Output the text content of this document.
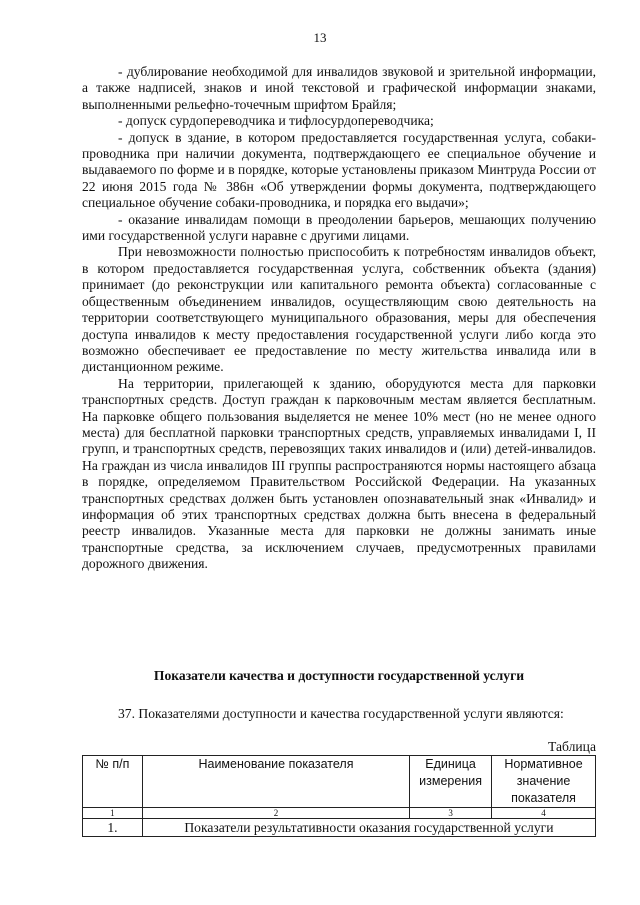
13

- дублирование необходимой для инвалидов звуковой и зрительной информации, а также надписей, знаков и иной текстовой и графической информации знаками, выполненными рельефно-точечным шрифтом Брайля;

- допуск сурдопереводчика и тифлосурдопереводчика;

- допуск в здание, в котором предоставляется государственная услуга, собаки-проводника при наличии документа, подтверждающего ее специальное обучение и выдаваемого по форме и в порядке, которые установлены приказом Минтруда России от 22 июня 2015 года № 386н «Об утверждении формы документа, подтверждающего специальное обучение собаки-проводника, и порядка его выдачи»;

- оказание инвалидам помощи в преодолении барьеров, мешающих получению ими государственной услуги наравне с другими лицами.

При невозможности полностью приспособить к потребностям инвалидов объект, в котором предоставляется государственная услуга, собственник объекта (здания) принимает (до реконструкции или капитального ремонта объекта) согласованные с общественным объединением инвалидов, осуществляющим свою деятельность на территории соответствующего муниципального образования, меры для обеспечения доступа инвалидов к месту предоставления государственной услуги либо когда это возможно обеспечивает ее предоставление по месту жительства инвалида или в дистанционном режиме.

На территории, прилегающей к зданию, оборудуются места для парковки транспортных средств. Доступ граждан к парковочным местам является бесплатным. На парковке общего пользования выделяется не менее 10% мест (но не менее одного места) для бесплатной парковки транспортных средств, управляемых инвалидами I, II групп, и транспортных средств, перевозящих таких инвалидов и (или) детей-инвалидов. На граждан из числа инвалидов III группы распространяются нормы настоящего абзаца в порядке, определяемом Правительством Российской Федерации. На указанных транспортных средствах должен быть установлен опознавательный знак «Инвалид» и информация об этих транспортных средствах должна быть внесена в федеральный реестр инвалидов. Указанные места для парковки не должны занимать иные транспортные средства, за исключением случаев, предусмотренных правилами дорожного движения.

Показатели качества и доступности государственной услуги

37. Показателями доступности и качества государственной услуги являются:

Таблица
№ п/п	Наименование показателя	Единица измерения	Нормативное значение показателя
1	2	3	4
1.	Показатели результативности оказания государственной услуги		
